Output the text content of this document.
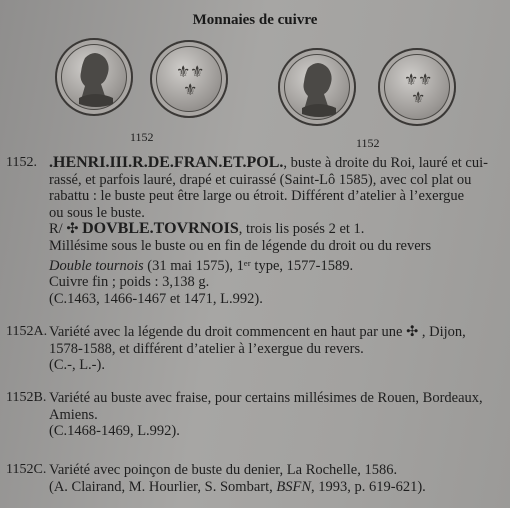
Monnaies de cuivre
⚜ ⚜
⚜
⚜ ⚜
⚜
1152	1152
1152. .HENRI.III.R.DE.FRAN.ET.POL., buste à droite du Roi, lauré et cui-
rassé, et parfois lauré, drapé et cuirassé (Saint-Lô 1585), avec col plat ou
rabattu : le buste peut être large ou étroit. Différent d’atelier à l’exergue
ou sous le buste.
R/ ✣ DOVBLE.TOVRNOIS, trois lis posés 2 et 1.
Millésime sous le buste ou en fin de légende du droit ou du revers
Double tournois (31 mai 1575), 1ᵉʳ type, 1577-1589.
Cuivre fin ; poids : 3,138 g.
(C.1463, 1466-1467 et 1471, L.992).
1152A. Variété avec la légende du droit commencent en haut par une ✣ , Dijon,
1578-1588, et différent d’atelier à l’exergue du revers.
(C.-, L.-).
1152B. Variété au buste avec fraise, pour certains millésimes de Rouen, Bordeaux,
Amiens.
(C.1468-1469, L.992).
1152C. Variété avec poinçon de buste du denier, La Rochelle, 1586.
(A. Clairand, M. Hourlier, S. Sombart, BSFN, 1993, p. 619-621).
